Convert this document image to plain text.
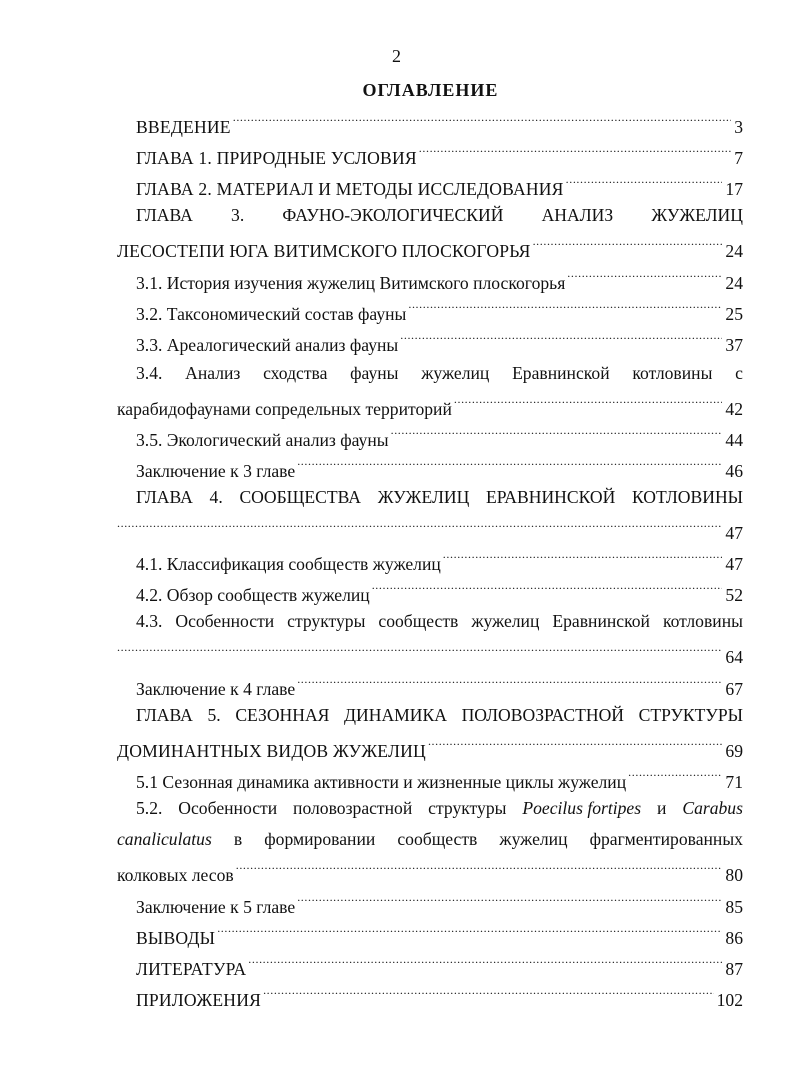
2
ОГЛАВЛЕНИЕ
ВВЕДЕНИЕ .....	3
ГЛАВА 1. ПРИРОДНЫЕ УСЛОВИЯ .....	7
ГЛАВА 2. МАТЕРИАЛ И МЕТОДЫ ИССЛЕДОВАНИЯ .....	17
ГЛАВА 3. ФАУНО-ЭКОЛОГИЧЕСКИЙ АНАЛИЗ ЖУЖЕЛИЦ
ЛЕСОСТЕПИ ЮГА ВИТИМСКОГО ПЛОСКОГОРЬЯ .....	24
3.1. История изучения жужелиц Витимского плоскогорья .....	24
3.2. Таксономический состав фауны .....	25
3.3. Ареалогический анализ фауны .....	37
3.4. Анализ сходства фауны жужелиц Еравнинской котловины с
карабидофаунами сопредельных территорий .....	42
3.5. Экологический анализ фауны .....	44
Заключение к 3 главе .....	46
ГЛАВА 4. СООБЩЕСТВА ЖУЖЕЛИЦ ЕРАВНИНСКОЙ КОТЛОВИНЫ
.....
47
4.1. Классификация сообществ жужелиц .....	47
4.2. Обзор сообществ жужелиц .....	52
4.3. Особенности структуры сообществ жужелиц Еравнинской котловины
.....
64
Заключение к 4 главе .....	67
ГЛАВА 5. СЕЗОННАЯ ДИНАМИКА ПОЛОВОЗРАСТНОЙ СТРУКТУРЫ
ДОМИНАНТНЫХ ВИДОВ ЖУЖЕЛИЦ .....	69
5.1 Сезонная динамика активности и жизненные циклы жужелиц .....	71
5.2. Особенности половозрастной структуры Poecilus fortipes и Carabus
canaliculatus в формировании сообществ жужелиц фрагментированных
колковых лесов .....	80
Заключение к 5 главе .....	85
ВЫВОДЫ .....	86
ЛИТЕРАТУРА .....	87
ПРИЛОЖЕНИЯ .....	102
